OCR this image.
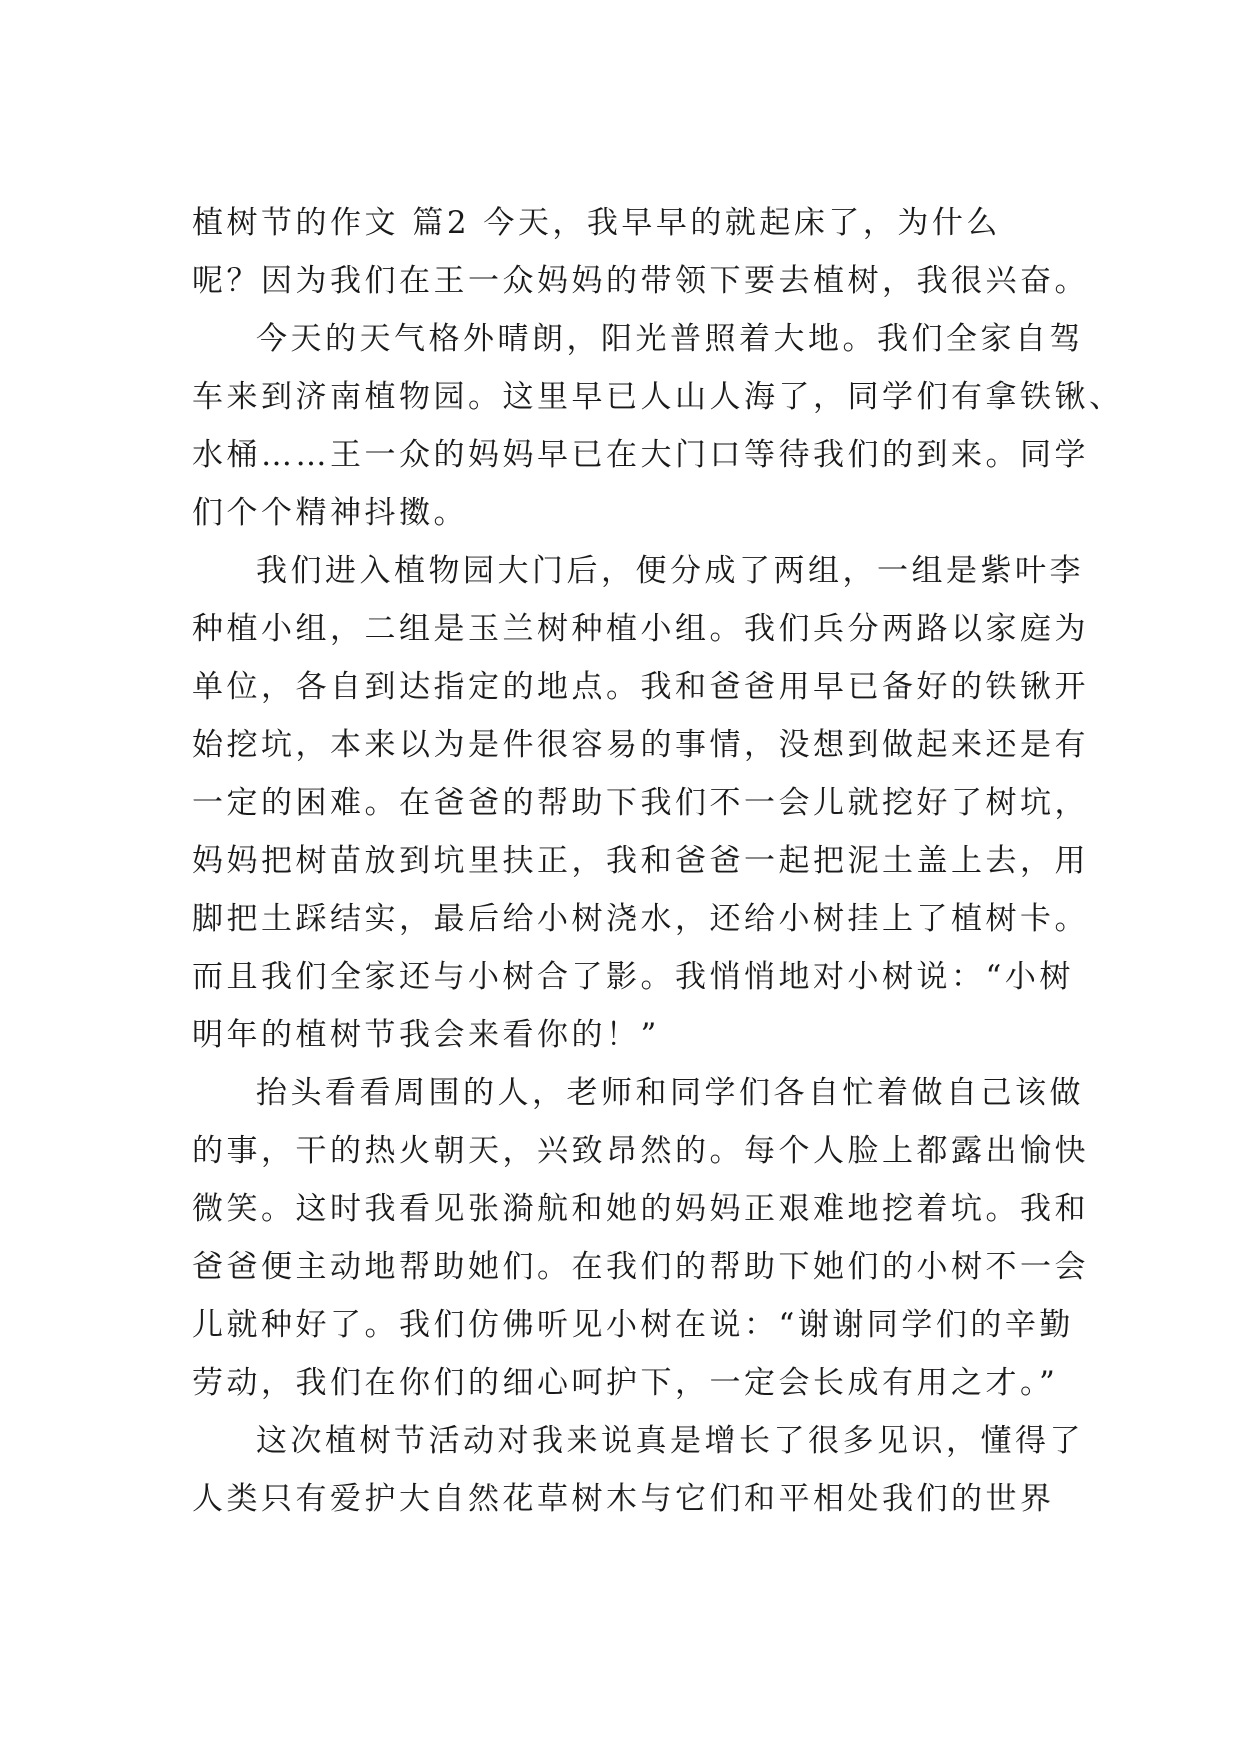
植树节的作文 篇2 今天，我早早的就起床了，为什么
呢？因为我们在王一众妈妈的带领下要去植树，我很兴奋。
今天的天气格外晴朗，阳光普照着大地。我们全家自驾
车来到济南植物园。这里早已人山人海了，同学们有拿铁锹、
水桶……王一众的妈妈早已在大门口等待我们的到来。同学
们个个精神抖擞。
我们进入植物园大门后，便分成了两组，一组是紫叶李
种植小组，二组是玉兰树种植小组。我们兵分两路以家庭为
单位，各自到达指定的地点。我和爸爸用早已备好的铁锹开
始挖坑，本来以为是件很容易的事情，没想到做起来还是有
一定的困难。在爸爸的帮助下我们不一会儿就挖好了树坑，
妈妈把树苗放到坑里扶正，我和爸爸一起把泥土盖上去，用
脚把土踩结实，最后给小树浇水，还给小树挂上了植树卡。
而且我们全家还与小树合了影。我悄悄地对小树说：“小树
明年的植树节我会来看你的！”
抬头看看周围的人，老师和同学们各自忙着做自己该做
的事，干的热火朝天，兴致昂然的。每个人脸上都露出愉快
微笑。这时我看见张漪航和她的妈妈正艰难地挖着坑。我和
爸爸便主动地帮助她们。在我们的帮助下她们的小树不一会
儿就种好了。我们仿佛听见小树在说：“谢谢同学们的辛勤
劳动，我们在你们的细心呵护下，一定会长成有用之才。”
这次植树节活动对我来说真是增长了很多见识，懂得了
人类只有爱护大自然花草树木与它们和平相处我们的世界
